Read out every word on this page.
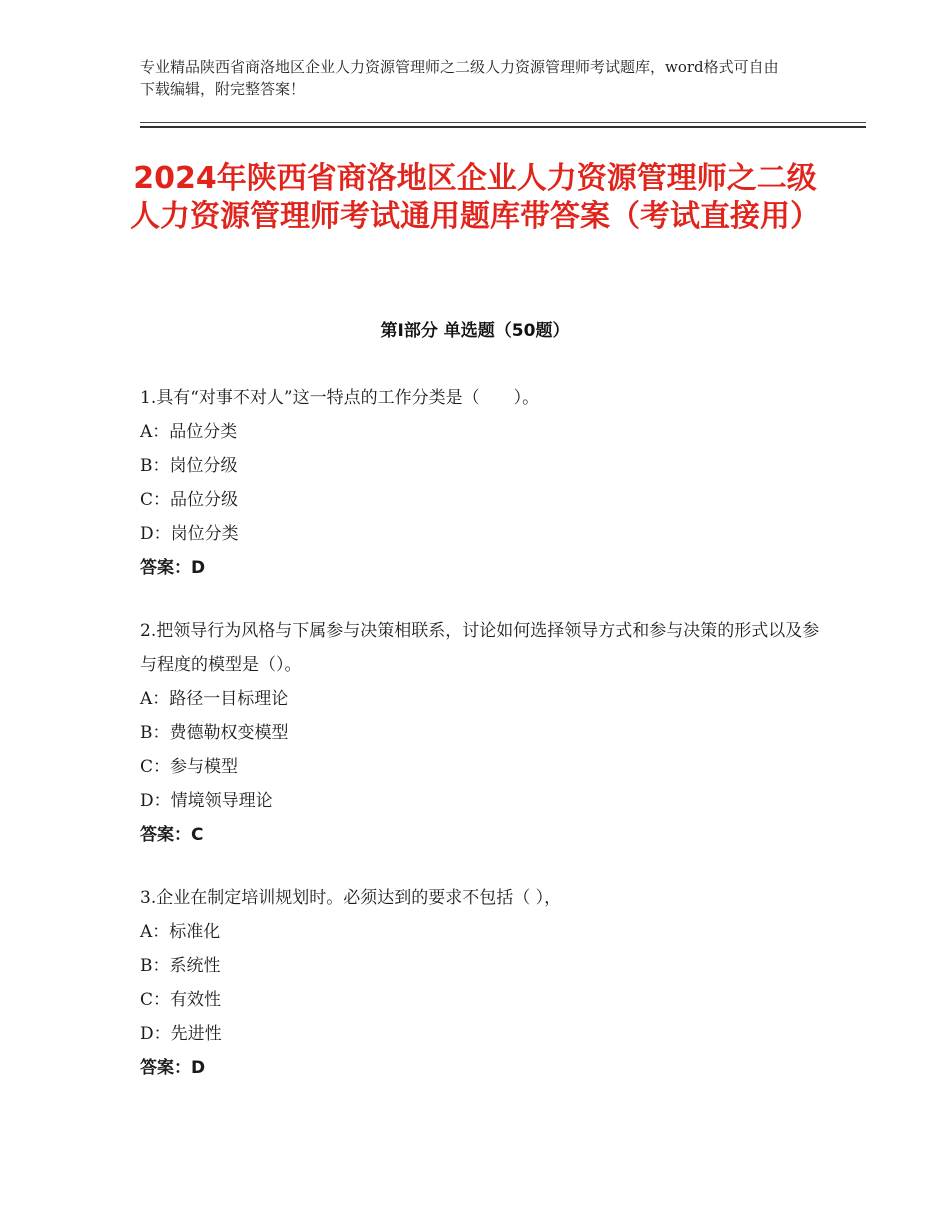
专业精品陕西省商洛地区企业人力资源管理师之二级人力资源管理师考试题库，word格式可自由下载编辑，附完整答案！
2024年陕西省商洛地区企业人力资源管理师之二级人力资源管理师考试通用题库带答案（考试直接用）
第Ⅰ部分 单选题（50题）

1.具有“对事不对人”这一特点的工作分类是（　　）。

A：品位分类
B：岗位分级
C：品位分级
D：岗位分类
答案：D

2.把领导行为风格与下属参与决策相联系，讨论如何选择领导方式和参与决策的形式以及参与程度的模型是（）。

A：路径一目标理论
B：费德勒权变模型
C：参与模型
D：情境领导理论
答案：C

3.企业在制定培训规划时。必须达到的要求不包括（ ），

A：标准化
B：系统性
C：有效性
D：先进性
答案：D
